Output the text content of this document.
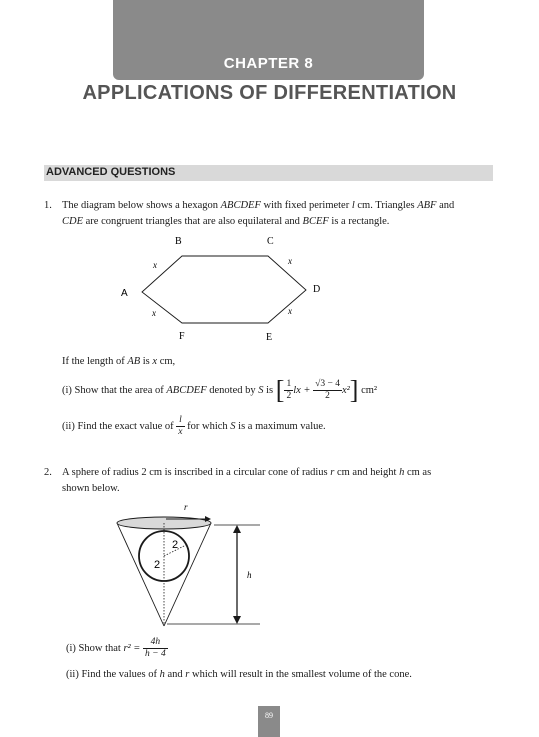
CHAPTER 8
APPLICATIONS OF DIFFERENTIATION
ADVANCED QUESTIONS
1. The diagram below shows a hexagon ABCDEF with fixed perimeter l cm. Triangles ABF and
CDE are congruent triangles that are also equilateral and BCEF is a rectangle.
B	C
A	D
F	E
x	x
x	x
If the length of AB is x cm,
(i) Show that the area of ABCDEF denoted by S is [ $\frac{1}{2}$ lx + $\frac{√3 - 4}{2} x^2$] cm²
(ii) Find the exact value of $\frac{l}{x}$ for which S is a maximum value.
2. A sphere of radius 2 cm is inscribed in a circular cone of radius r cm and height h cm as
shown below.
r
2
2
h
(i) Show that $r^2 = \frac{4h}{h - 4}$
(ii) Find the values of h and r which will result in the smallest volume of the cone.
89
